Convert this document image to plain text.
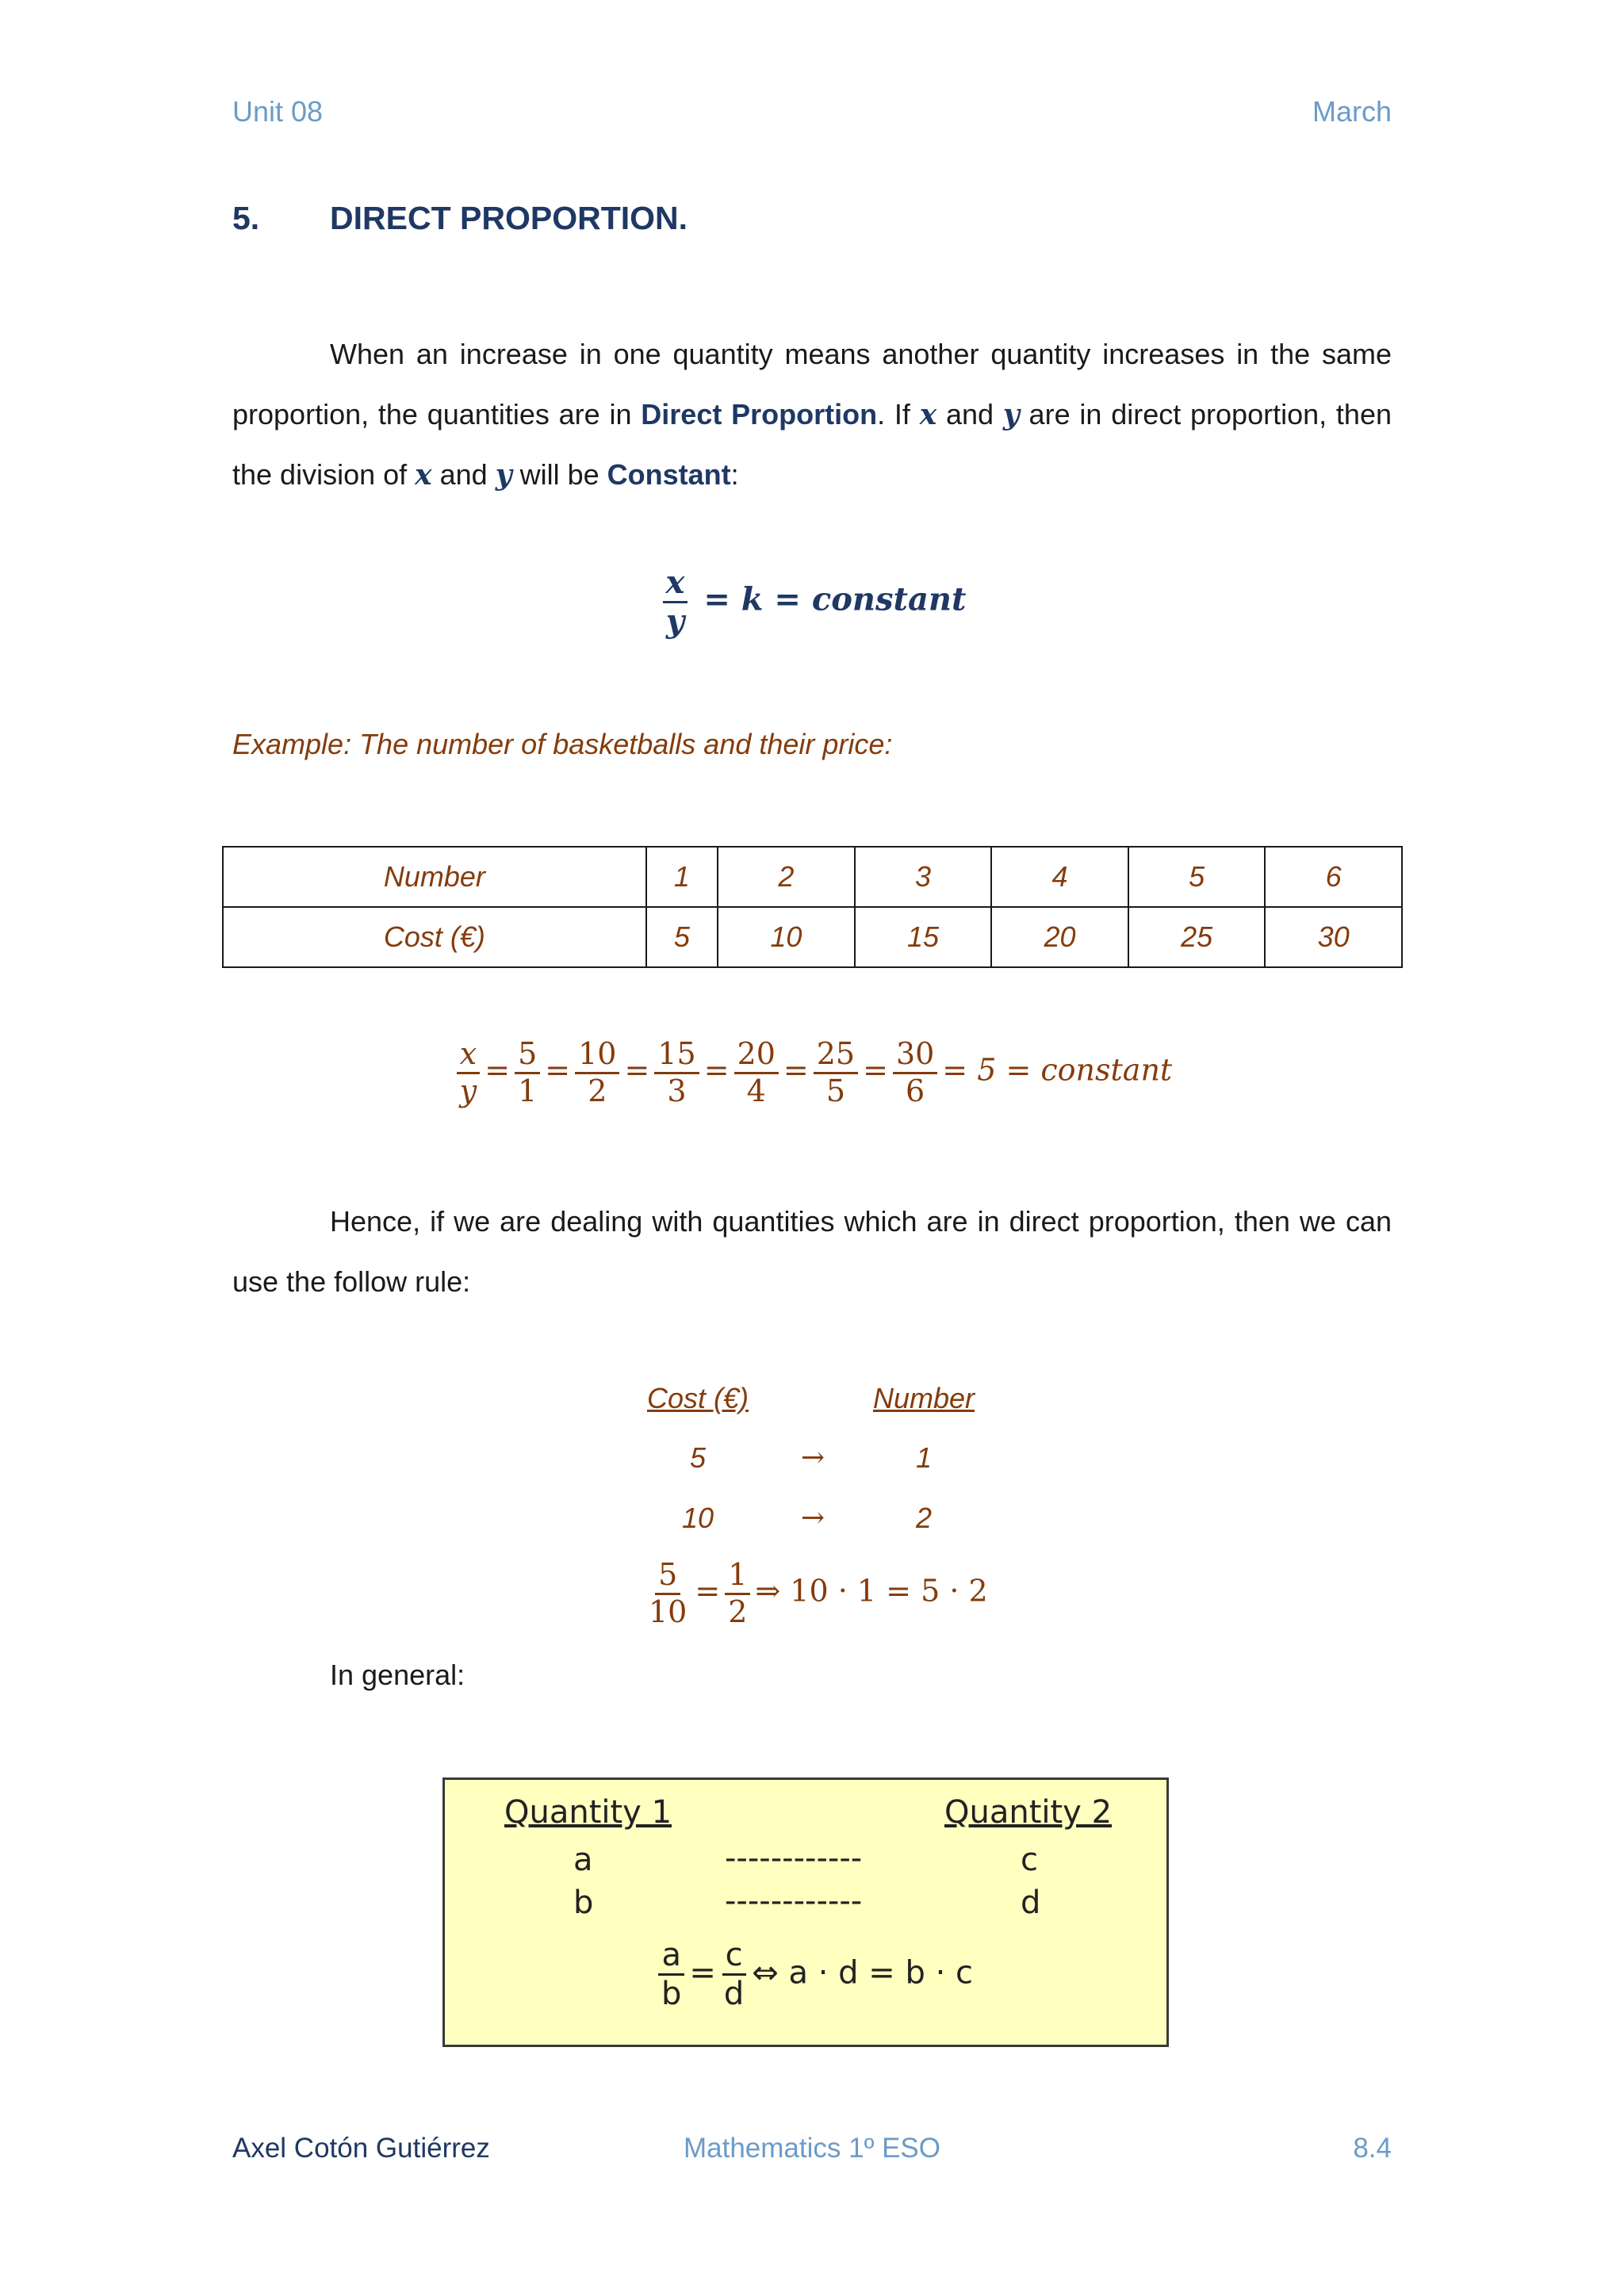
Unit 08	March
5. DIRECT PROPORTION.

When an increase in one quantity means another quantity increases in the same proportion, the quantities are in Direct Proportion. If x and y are in direct proportion, then the division of x and y will be Constant:

$\frac{x}{y} = k$ = constant
Example: The number of basketballs and their price:
Number	1	2	3	4	5	6
Cost (€)	5	10	15	20	25	30
$\frac{x}{y} = \frac{5}{1} = \frac{10}{2} = \frac{15}{3} = \frac{20}{4} = \frac{25}{5} = \frac{30}{6} = 5$ = constant

Hence, if we are dealing with quantities which are in direct proportion, then we can use the follow rule:

Cost (€)	Number
5	→	1
10	→	2
$\frac{5}{10} = \frac{1}{2}$ ⇒ 10 · 1 = 5 · 2
In general:
Quantity 1	Quantity 2
a	------------	c
b	------------	d
$\frac{a}{b} = \frac{c}{d}$ ⇔ a · d = b · c
Axel Cotón Gutiérrez	Mathematics 1º ESO	8.4
